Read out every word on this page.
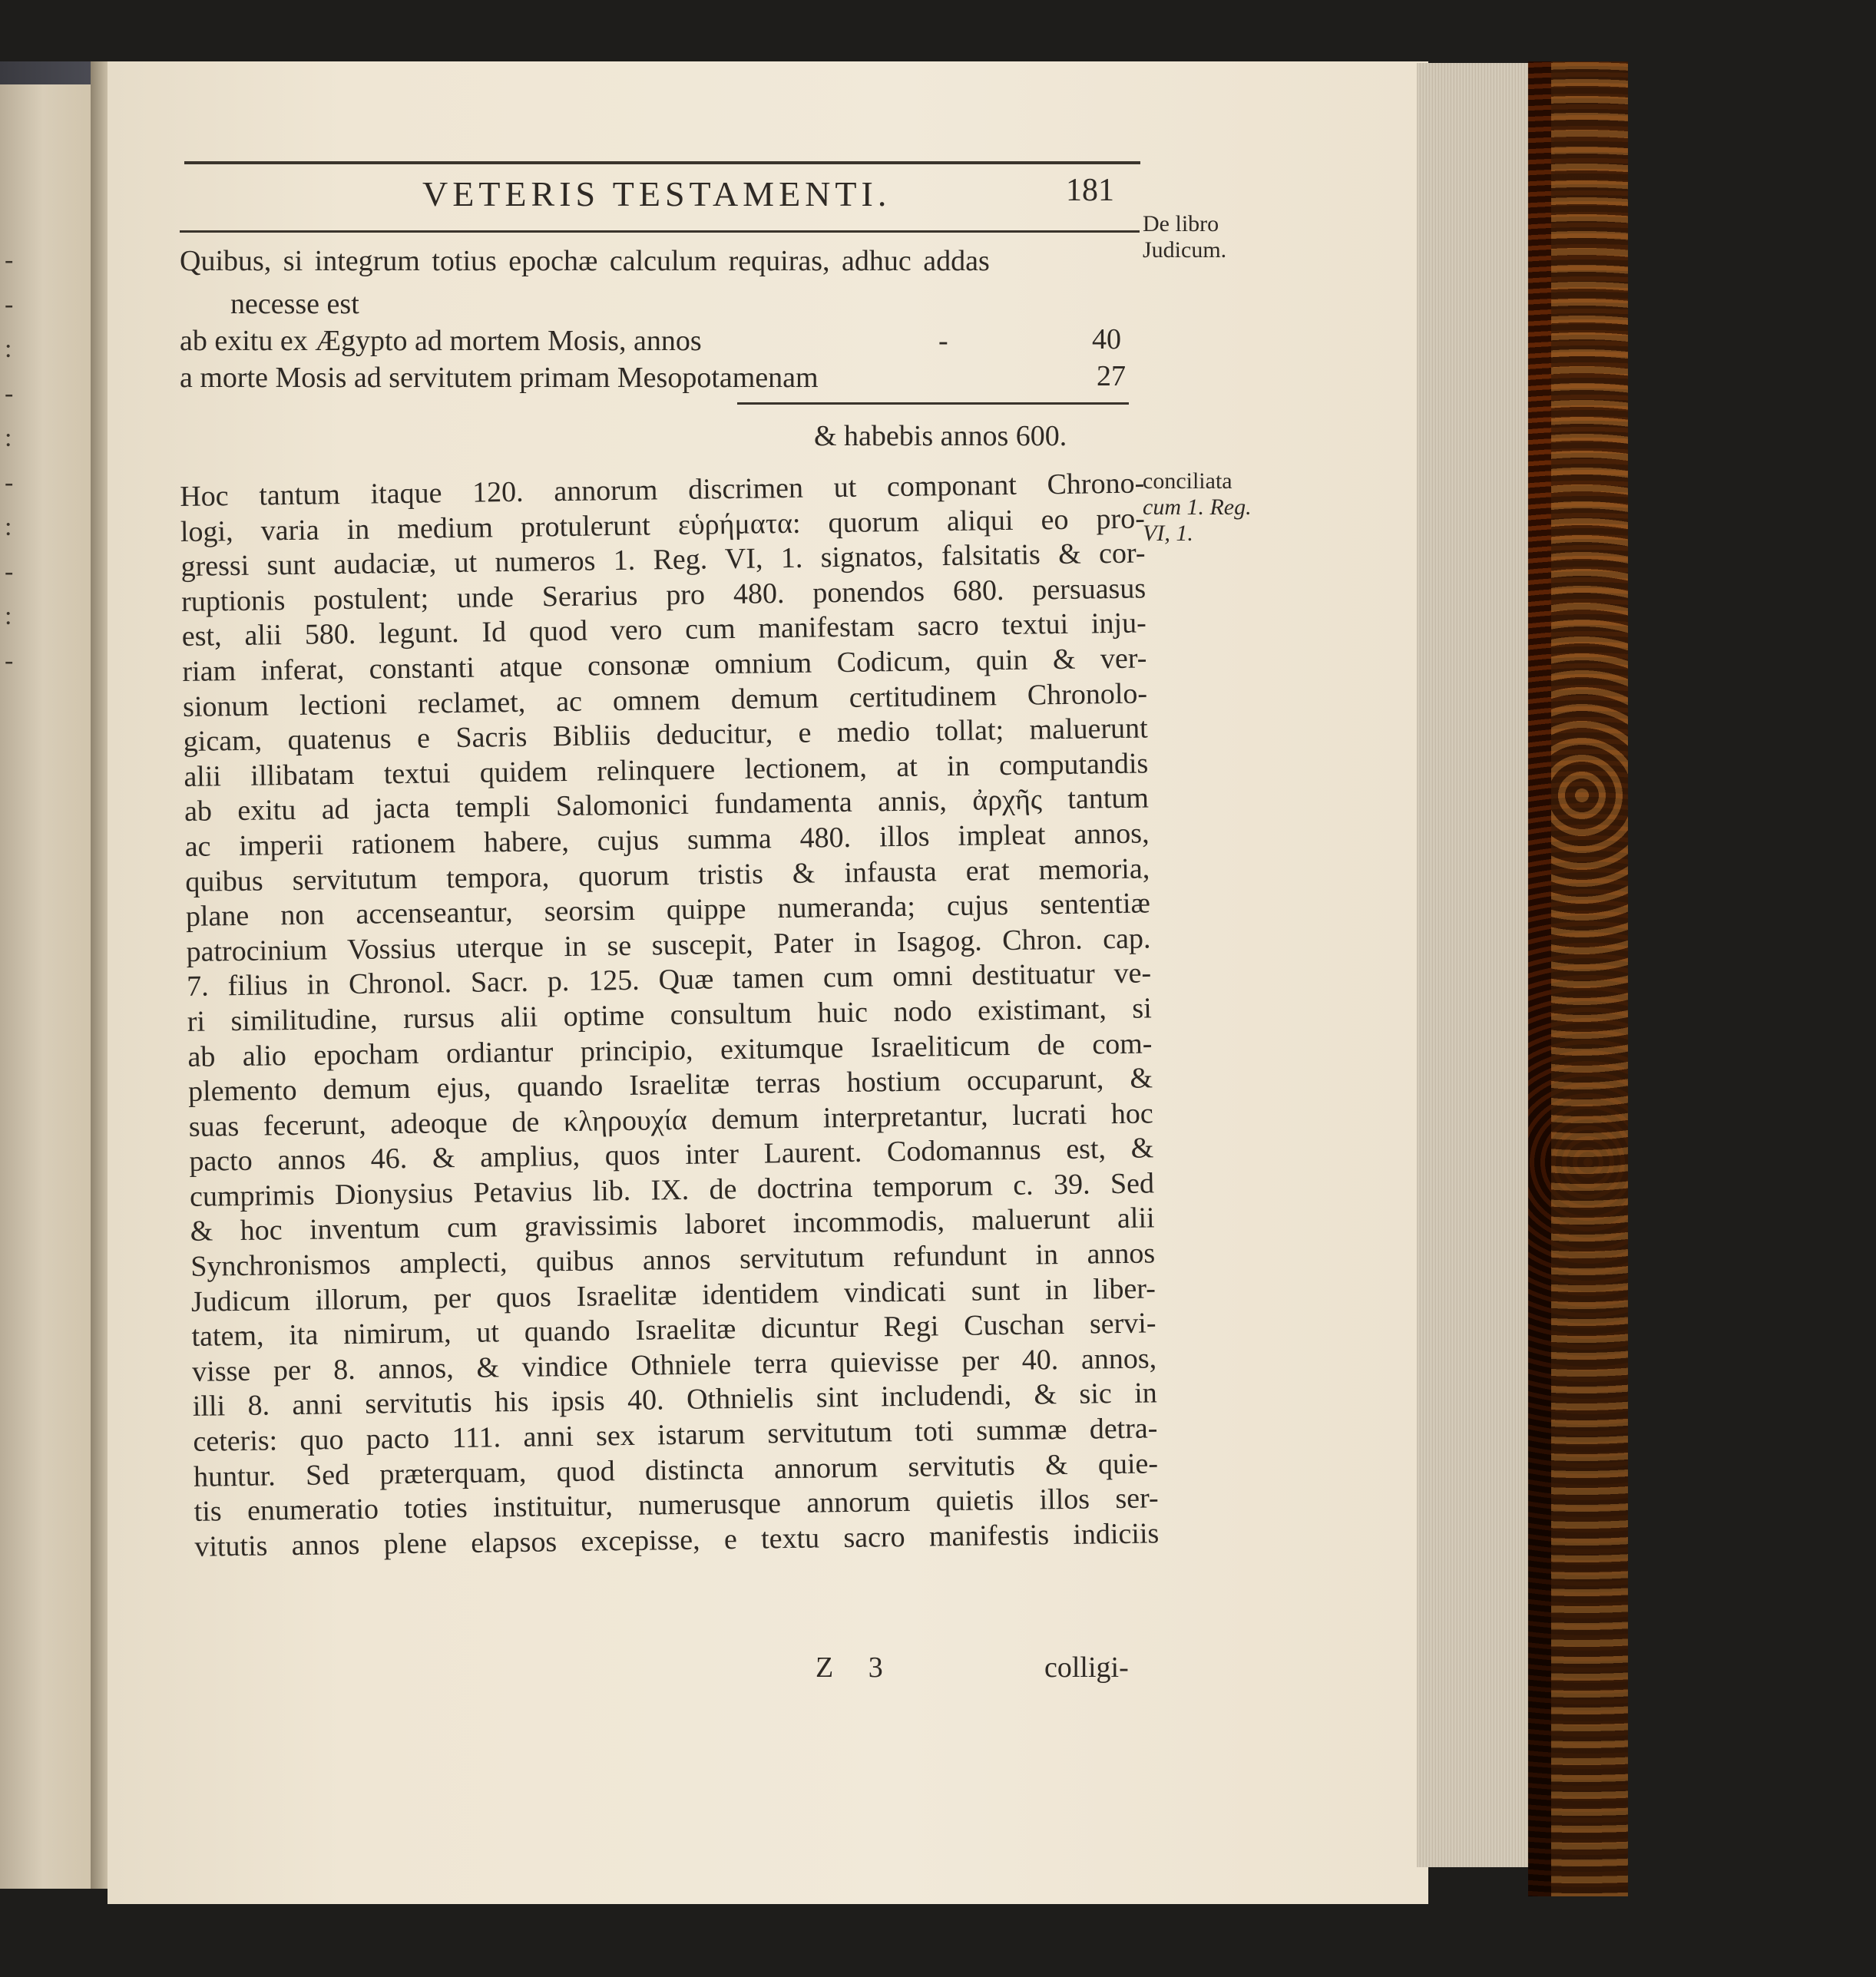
-
-
:
-
:
-
:
-
:
-
VETERIS TESTAMENTI.	181
De libro
Judicum.
conciliata
cum 1. Reg.
VI, 1.
Quibus, si integrum totius epochæ calculum requiras, adhuc addas
necesse est
ab exitu ex Ægypto ad mortem Mosis, annos	-	40
a morte Mosis ad servitutem primam Mesopotamenam	27
& habebis annos 600.
Hoc tantum itaque 120. annorum discrimen ut componant Chrono-
logi, varia in medium protulerunt εὑρήματα: quorum aliqui eo pro-
gressi sunt audaciæ, ut numeros 1. Reg. VI, 1. signatos, falsitatis & cor-
ruptionis postulent; unde Serarius pro 480. ponendos 680. persuasus
est, alii 580. legunt. Id quod vero cum manifestam sacro textui inju-
riam inferat, constanti atque consonæ omnium Codicum, quin & ver-
sionum lectioni reclamet, ac omnem demum certitudinem Chronolo-
gicam, quatenus e Sacris Bibliis deducitur, e medio tollat; maluerunt
alii illibatam textui quidem relinquere lectionem, at in computandis
ab exitu ad jacta templi Salomonici fundamenta annis, ἀρχῆς tantum
ac imperii rationem habere, cujus summa 480. illos impleat annos,
quibus servitutum tempora, quorum tristis & infausta erat memoria,
plane non accenseantur, seorsim quippe numeranda; cujus sententiæ
patrocinium Vossius uterque in se suscepit, Pater in Isagog. Chron. cap.
7. filius in Chronol. Sacr. p. 125. Quæ tamen cum omni destituatur ve-
ri similitudine, rursus alii optime consultum huic nodo existimant, si
ab alio epocham ordiantur principio, exitumque Israeliticum de com-
plemento demum ejus, quando Israelitæ terras hostium occuparunt, &
suas fecerunt, adeoque de κληρουχία demum interpretantur, lucrati hoc
pacto annos 46. & amplius, quos inter Laurent. Codomannus est, &
cumprimis Dionysius Petavius lib. IX. de doctrina temporum c. 39. Sed
& hoc inventum cum gravissimis laboret incommodis, maluerunt alii
Synchronismos amplecti, quibus annos servitutum refundunt in annos
Judicum illorum, per quos Israelitæ identidem vindicati sunt in liber-
tatem, ita nimirum, ut quando Israelitæ dicuntur Regi Cuschan servi-
visse per 8. annos, & vindice Othniele terra quievisse per 40. annos,
illi 8. anni servitutis his ipsis 40. Othnielis sint includendi, & sic in
ceteris: quo pacto 111. anni sex istarum servitutum toti summæ detra-
huntur. Sed præterquam, quod distincta annorum servitutis & quie-
tis enumeratio toties instituitur, numerusque annorum quietis illos ser-
vitutis annos plene elapsos excepisse, e textu sacro manifestis indiciis
Z 3	colligi-
